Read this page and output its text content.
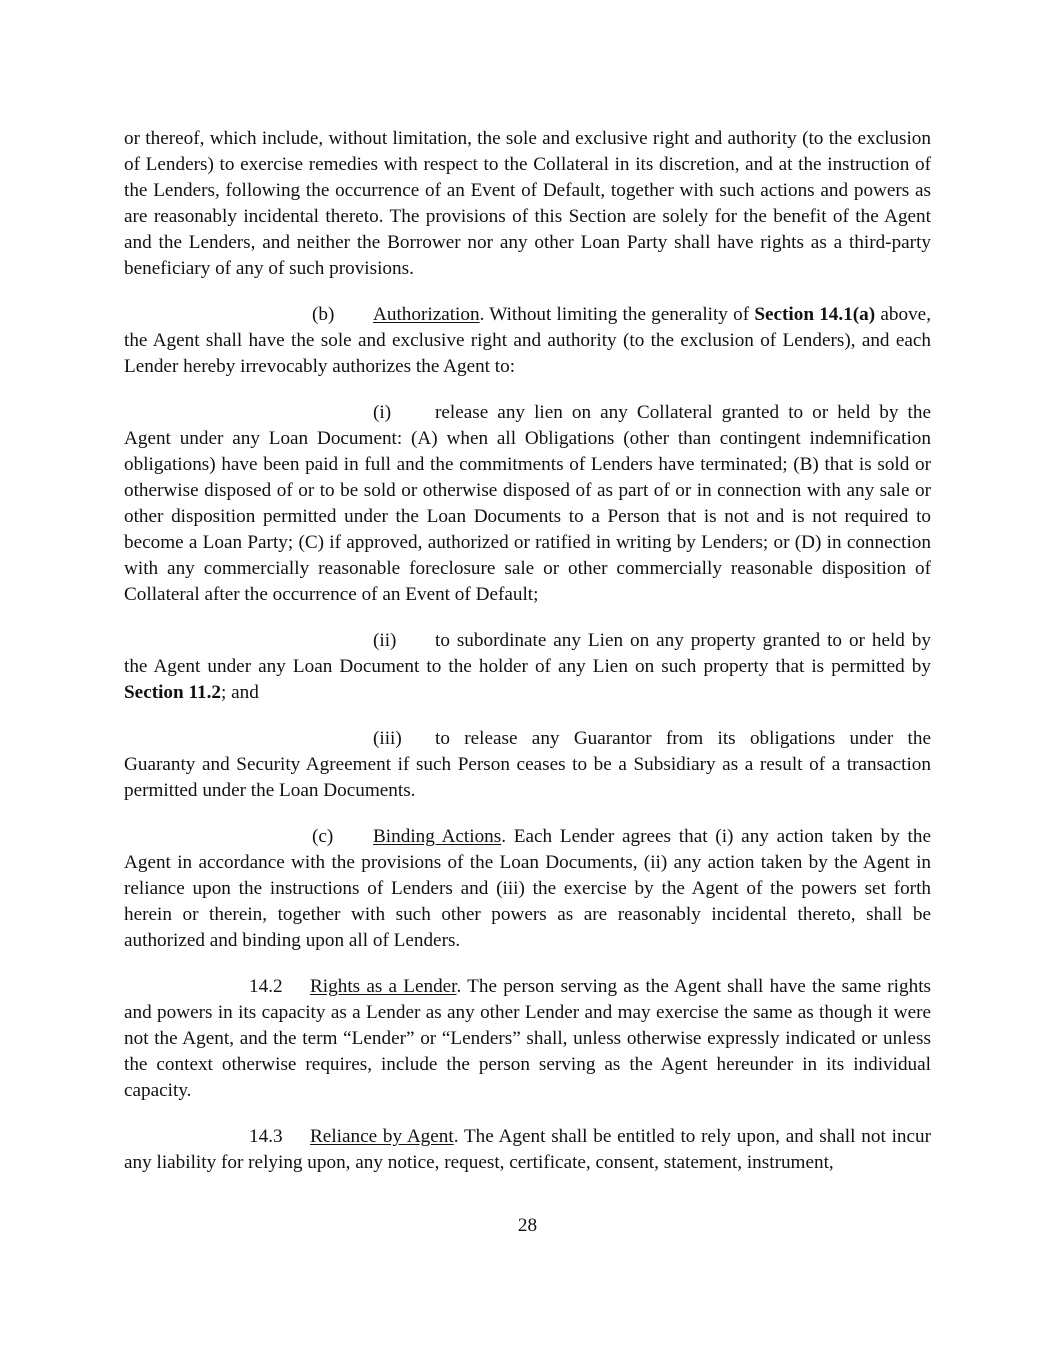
or thereof, which include, without limitation, the sole and exclusive right and authority (to the exclusion of Lenders) to exercise remedies with respect to the Collateral in its discretion, and at the instruction of the Lenders, following the occurrence of an Event of Default, together with such actions and powers as are reasonably incidental thereto. The provisions of this Section are solely for the benefit of the Agent and the Lenders, and neither the Borrower nor any other Loan Party shall have rights as a third-party beneficiary of any of such provisions.

(b) Authorization. Without limiting the generality of Section 14.1(a) above, the Agent shall have the sole and exclusive right and authority (to the exclusion of Lenders), and each Lender hereby irrevocably authorizes the Agent to:

(i) release any lien on any Collateral granted to or held by the Agent under any Loan Document: (A) when all Obligations (other than contingent indemnification obligations) have been paid in full and the commitments of Lenders have terminated; (B) that is sold or otherwise disposed of or to be sold or otherwise disposed of as part of or in connection with any sale or other disposition permitted under the Loan Documents to a Person that is not and is not required to become a Loan Party; (C) if approved, authorized or ratified in writing by Lenders; or (D) in connection with any commercially reasonable foreclosure sale or other commercially reasonable disposition of Collateral after the occurrence of an Event of Default;

(ii) to subordinate any Lien on any property granted to or held by the Agent under any Loan Document to the holder of any Lien on such property that is permitted by Section 11.2; and

(iii) to release any Guarantor from its obligations under the Guaranty and Security Agreement if such Person ceases to be a Subsidiary as a result of a transaction permitted under the Loan Documents.

(c) Binding Actions. Each Lender agrees that (i) any action taken by the Agent in accordance with the provisions of the Loan Documents, (ii) any action taken by the Agent in reliance upon the instructions of Lenders and (iii) the exercise by the Agent of the powers set forth herein or therein, together with such other powers as are reasonably incidental thereto, shall be authorized and binding upon all of Lenders.

14.2 Rights as a Lender. The person serving as the Agent shall have the same rights and powers in its capacity as a Lender as any other Lender and may exercise the same as though it were not the Agent, and the term “Lender” or “Lenders” shall, unless otherwise expressly indicated or unless the context otherwise requires, include the person serving as the Agent hereunder in its individual capacity.

14.3 Reliance by Agent. The Agent shall be entitled to rely upon, and shall not incur any liability for relying upon, any notice, request, certificate, consent, statement, instrument,

28
